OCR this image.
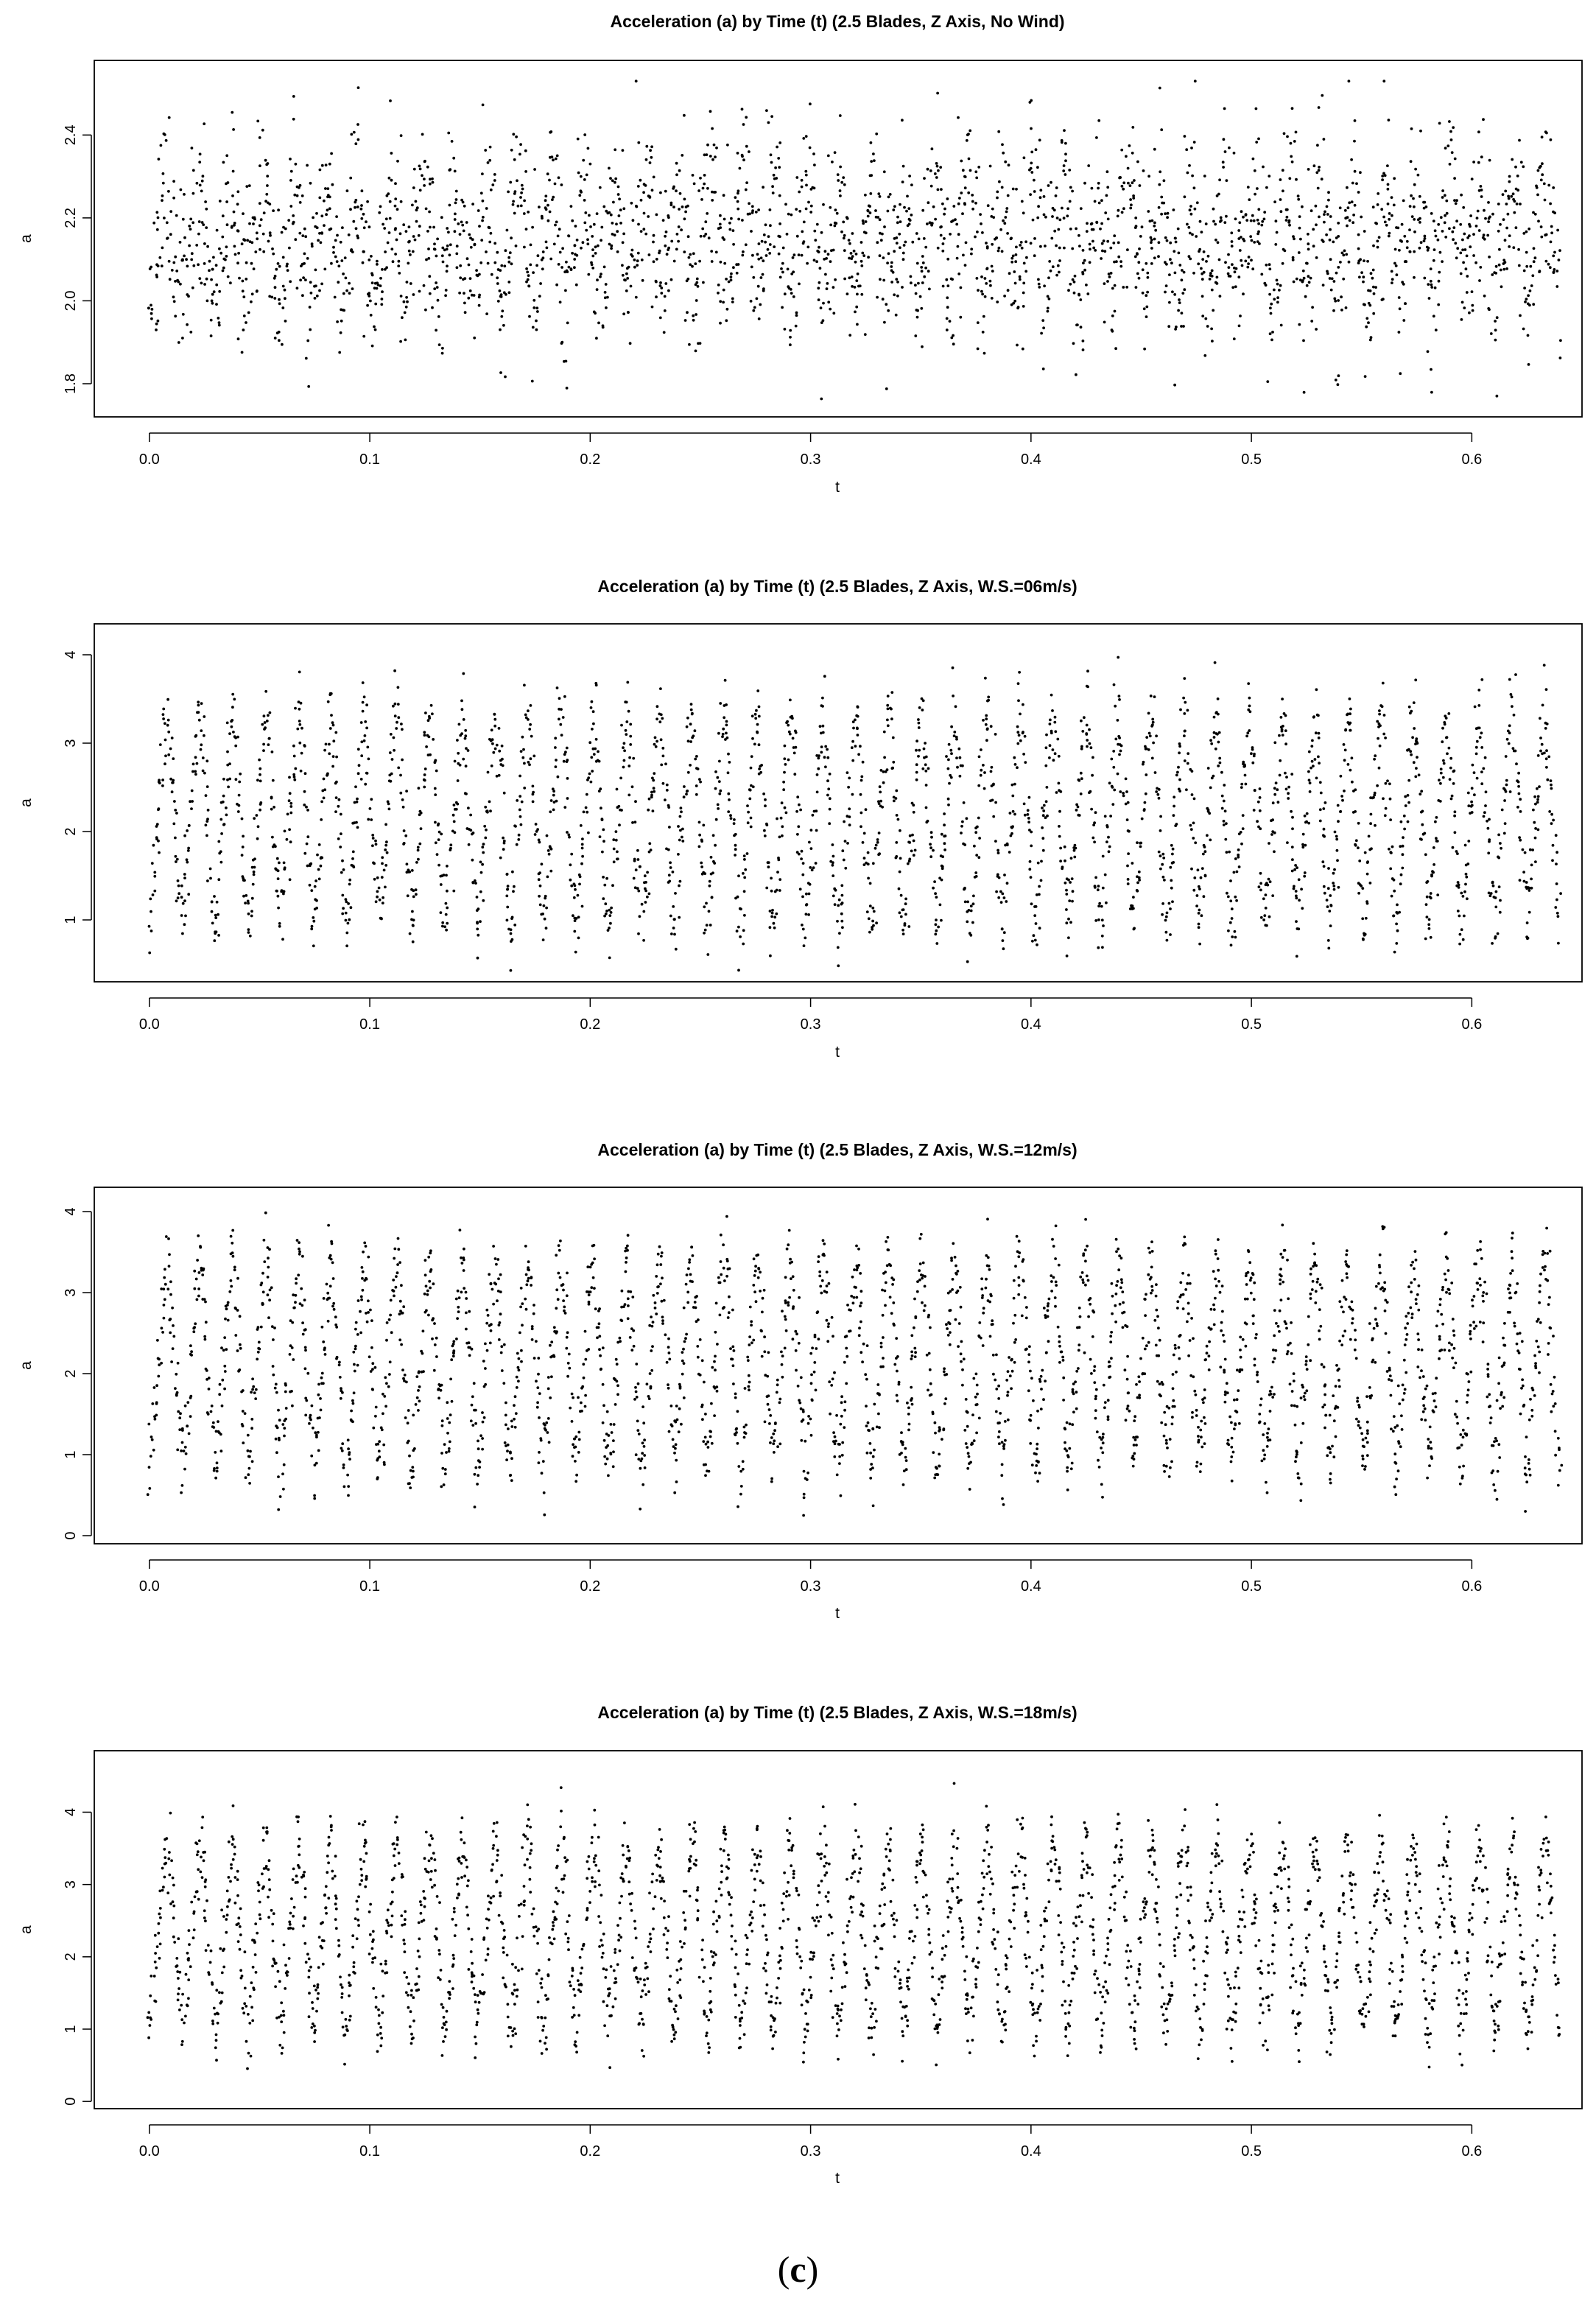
Acceleration (a) by Time (t) (2.5 Blades, Z Axis, No Wind)
0.0	0.1	0.2	0.3	0.4	0.5	0.6
1.8
2.0
2.2
2.4
t
a
Acceleration (a) by Time (t) (2.5 Blades, Z Axis, W.S.=06m/s)
0.0	0.1	0.2	0.3	0.4	0.5	0.6
1
2
3
4
t
a
Acceleration (a) by Time (t) (2.5 Blades, Z Axis, W.S.=12m/s)
0.0	0.1	0.2	0.3	0.4	0.5	0.6
0
1
2
3
4
t
a
Acceleration (a) by Time (t) (2.5 Blades, Z Axis, W.S.=18m/s)
0.0	0.1	0.2	0.3	0.4	0.5	0.6
0
1
2
3
4
t
a
(c)
